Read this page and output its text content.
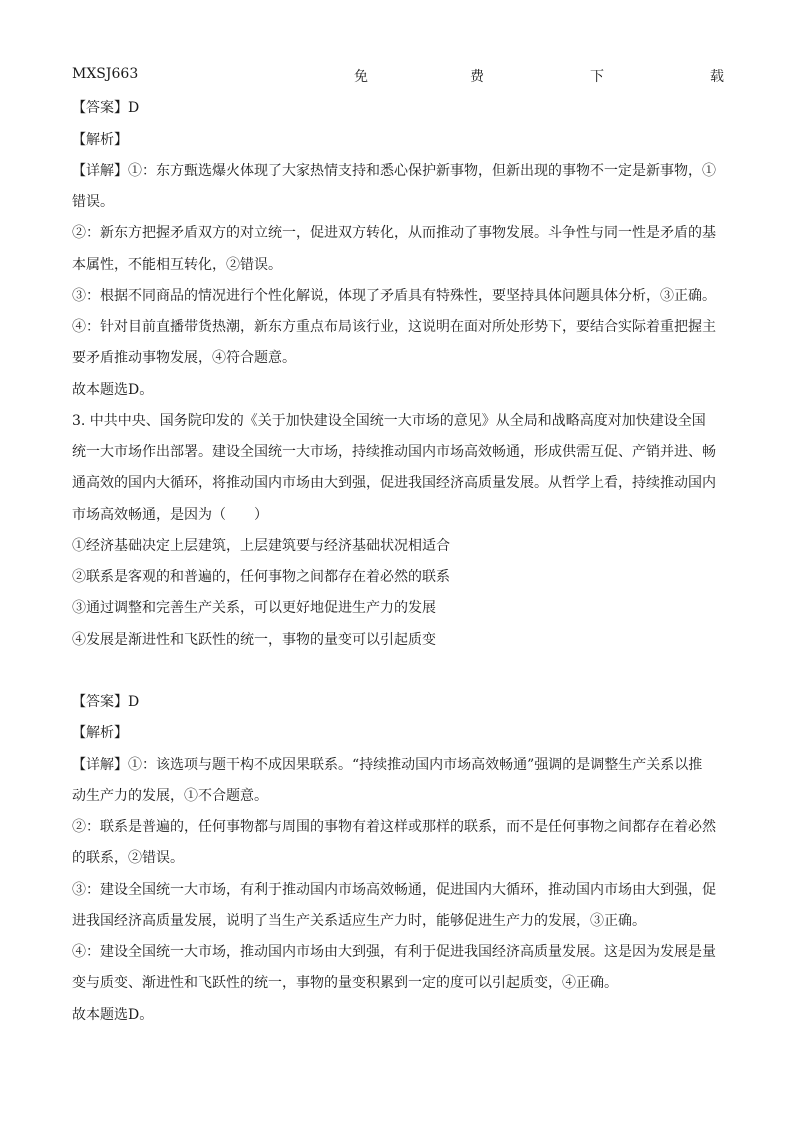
MXSJ663	免	费	下	载
【答案】D
【解析】
【详解】①：东方甄选爆火体现了大家热情支持和悉心保护新事物，但新出现的事物不一定是新事物，①
错误。
②：新东方把握矛盾双方的对立统一，促进双方转化，从而推动了事物发展。斗争性与同一性是矛盾的基
本属性，不能相互转化，②错误。
③：根据不同商品的情况进行个性化解说，体现了矛盾具有特殊性，要坚持具体问题具体分析，③正确。
④：针对目前直播带货热潮，新东方重点布局该行业，这说明在面对所处形势下，要结合实际着重把握主
要矛盾推动事物发展，④符合题意。
故本题选D。
3. 中共中央、国务院印发的《关于加快建设全国统一大市场的意见》从全局和战略高度对加快建设全国
统一大市场作出部署。建设全国统一大市场，持续推动国内市场高效畅通，形成供需互促、产销并进、畅
通高效的国内大循环，将推动国内市场由大到强，促进我国经济高质量发展。从哲学上看，持续推动国内
市场高效畅通，是因为（　　）
①经济基础决定上层建筑，上层建筑要与经济基础状况相适合
②联系是客观的和普遍的，任何事物之间都存在着必然的联系
③通过调整和完善生产关系，可以更好地促进生产力的发展
④发展是渐进性和飞跃性的统一，事物的量变可以引起质变
【答案】D
【解析】
【详解】①：该选项与题干构不成因果联系。“持续推动国内市场高效畅通”强调的是调整生产关系以推
动生产力的发展，①不合题意。
②：联系是普遍的，任何事物都与周围的事物有着这样或那样的联系，而不是任何事物之间都存在着必然
的联系，②错误。
③：建设全国统一大市场，有利于推动国内市场高效畅通，促进国内大循环，推动国内市场由大到强，促
进我国经济高质量发展，说明了当生产关系适应生产力时，能够促进生产力的发展，③正确。
④：建设全国统一大市场，推动国内市场由大到强，有利于促进我国经济高质量发展。这是因为发展是量
变与质变、渐进性和飞跃性的统一，事物的量变积累到一定的度可以引起质变，④正确。
故本题选D。
